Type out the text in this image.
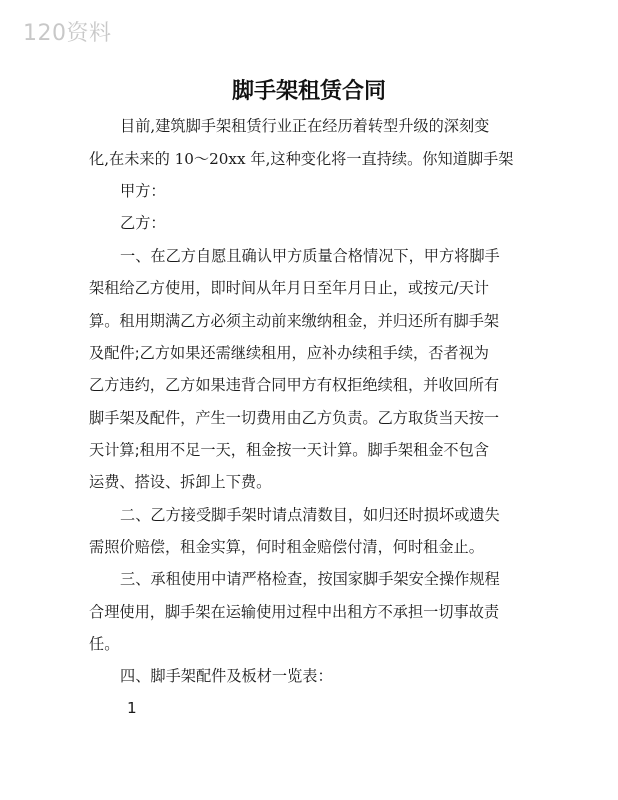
120资料
脚手架租赁合同
目前,建筑脚手架租赁行业正在经历着转型升级的深刻变
化,在未来的 10～20xx 年,这种变化将一直持续。你知道脚手架
甲方：
乙方：
一、在乙方自愿且确认甲方质量合格情况下，甲方将脚手
架租给乙方使用，即时间从年月日至年月日止，或按元/天计
算。租用期满乙方必须主动前来缴纳租金，并归还所有脚手架
及配件;乙方如果还需继续租用，应补办续租手续，否者视为
乙方违约，乙方如果违背合同甲方有权拒绝续租，并收回所有
脚手架及配件，产生一切费用由乙方负责。乙方取货当天按一
天计算;租用不足一天，租金按一天计算。脚手架租金不包含
运费、搭设、拆卸上下费。
二、乙方接受脚手架时请点清数目，如归还时损坏或遗失
需照价赔偿，租金实算，何时租金赔偿付清，何时租金止。
三、承租使用中请严格检查，按国家脚手架安全操作规程
合理使用，脚手架在运输使用过程中出租方不承担一切事故责
任。
四、脚手架配件及板材一览表：
1
